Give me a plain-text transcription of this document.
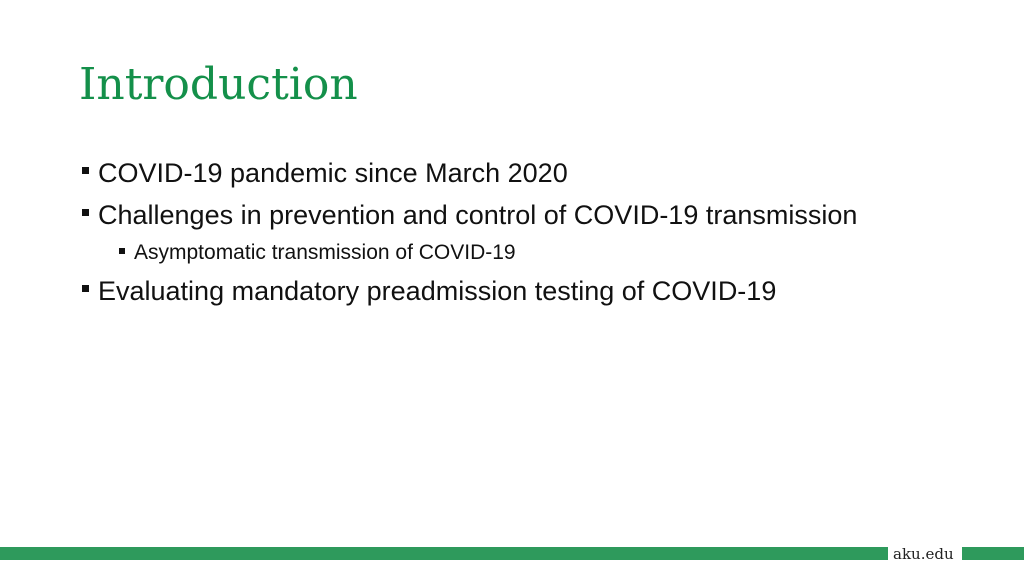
Introduction
COVID-19 pandemic since March 2020
Challenges in prevention and control of COVID-19 transmission
Asymptomatic transmission of COVID-19
Evaluating mandatory preadmission testing of COVID-19
aku.edu
